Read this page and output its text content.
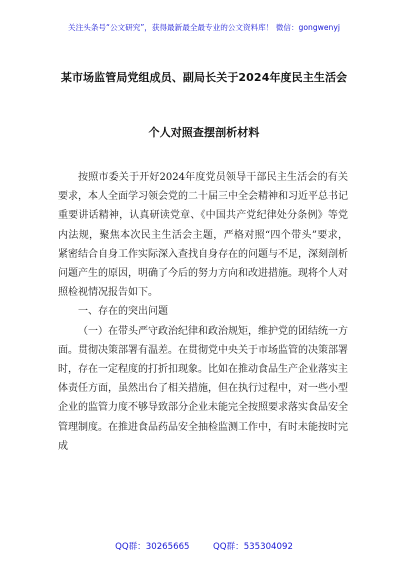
关注头条号“公文研究”，获得最新最全最专业的公文资料库！ 微信：gongwenyj
某市场监管局党组成员、副局长关于2024年度民主生活会
个人对照查摆剖析材料

按照市委关于开好2024年度党员领导干部民主生活会的有关要求，本人全面学习领会党的二十届三中全会精神和习近平总书记重要讲话精神，认真研读党章、《中国共产党纪律处分条例》等党内法规，聚焦本次民主生活会主题，严格对照“四个带头”要求，紧密结合自身工作实际深入查找自身存在的问题与不足，深刻剖析问题产生的原因，明确了今后的努力方向和改进措施。现将个人对照检视情况报告如下。

一、存在的突出问题

（一）在带头严守政治纪律和政治规矩，维护党的团结统一方面。贯彻决策部署有温差。在贯彻党中央关于市场监管的决策部署时，存在一定程度的打折扣现象。比如在推动食品生产企业落实主体责任方面，虽然出台了相关措施，但在执行过程中，对一些小型企业的监管力度不够导致部分企业未能完全按照要求落实食品安全管理制度。在推进食品药品安全抽检监测工作中，有时未能按时完成

QQ群：30265665	QQ群：535304092
